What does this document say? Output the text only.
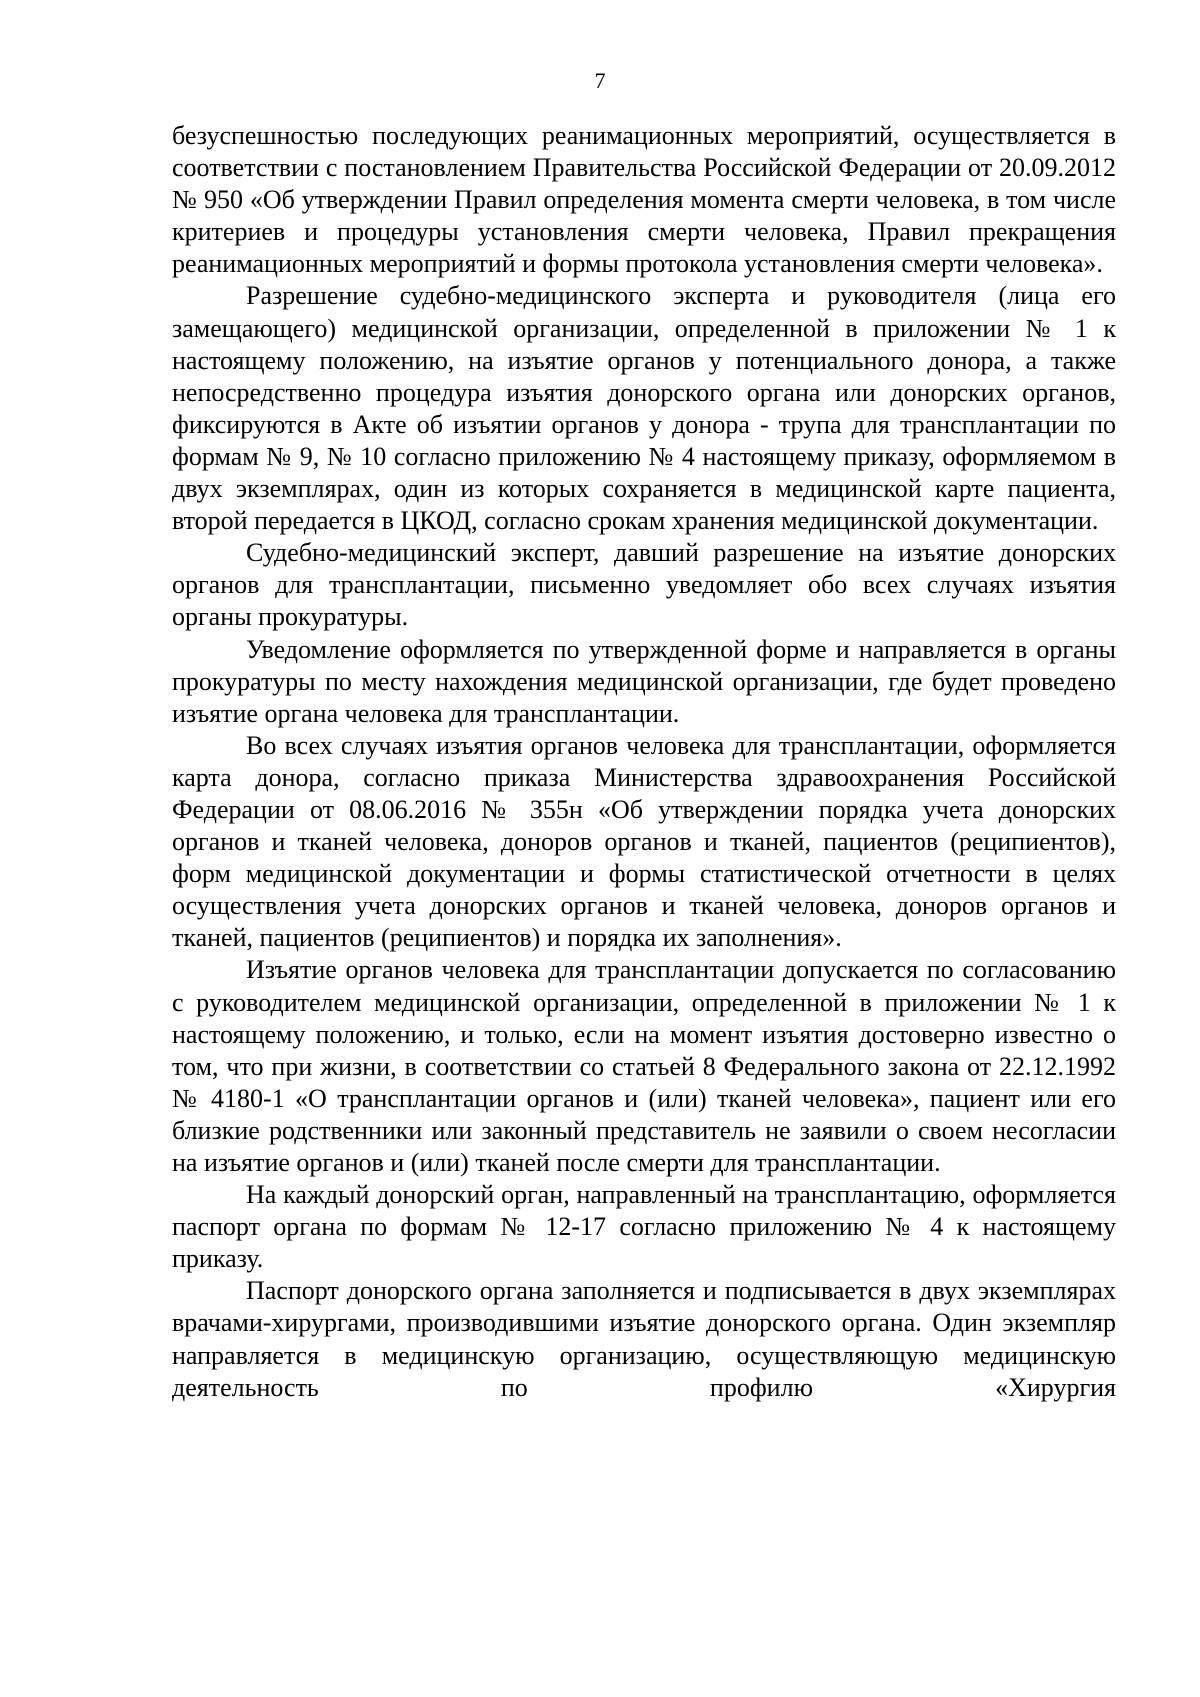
7

безуспешностью последующих реанимационных мероприятий, осуществляется в соответствии с постановлением Правительства Российской Федерации от 20.09.2012 № 950 «Об утверждении Правил определения момента смерти человека, в том числе критериев и процедуры установления смерти человека, Правил прекращения реанимационных мероприятий и формы протокола установления смерти человека».

Разрешение судебно-медицинского эксперта и руководителя (лица его замещающего) медицинской организации, определенной в приложении № 1 к настоящему положению, на изъятие органов у потенциального донора, а также непосредственно процедура изъятия донорского органа или донорских органов, фиксируются в Акте об изъятии органов у донора - трупа для трансплантации по формам № 9, № 10 согласно приложению № 4 настоящему приказу, оформляемом в двух экземплярах, один из которых сохраняется в медицинской карте пациента, второй передается в ЦКОД, согласно срокам хранения медицинской документации.

Судебно-медицинский эксперт, давший разрешение на изъятие донорских органов для трансплантации, письменно уведомляет обо всех случаях изъятия органы прокуратуры.

Уведомление оформляется по утвержденной форме и направляется в органы прокуратуры по месту нахождения медицинской организации, где будет проведено изъятие органа человека для трансплантации.

Во всех случаях изъятия органов человека для трансплантации, оформляется карта донора, согласно приказа Министерства здравоохранения Российской Федерации от 08.06.2016 № 355н «Об утверждении порядка учета донорских органов и тканей человека, доноров органов и тканей, пациентов (реципиентов), форм медицинской документации и формы статистической отчетности в целях осуществления учета донорских органов и тканей человека, доноров органов и тканей, пациентов (реципиентов) и порядка их заполнения».

Изъятие органов человека для трансплантации допускается по согласованию с руководителем медицинской организации, определенной в приложении № 1 к настоящему положению, и только, если на момент изъятия достоверно известно о том, что при жизни, в соответствии со статьей 8 Федерального закона от 22.12.1992 № 4180-1 «О трансплантации органов и (или) тканей человека», пациент или его близкие родственники или законный представитель не заявили о своем несогласии на изъятие органов и (или) тканей после смерти для трансплантации.

На каждый донорский орган, направленный на трансплантацию, оформляется паспорт органа по формам № 12-17 согласно приложению № 4 к настоящему приказу.

Паспорт донорского органа заполняется и подписывается в двух экземплярах врачами-хирургами, производившими изъятие донорского органа. Один экземпляр направляется в медицинскую организацию, осуществляющую медицинскую деятельность по профилю «Хирургия
